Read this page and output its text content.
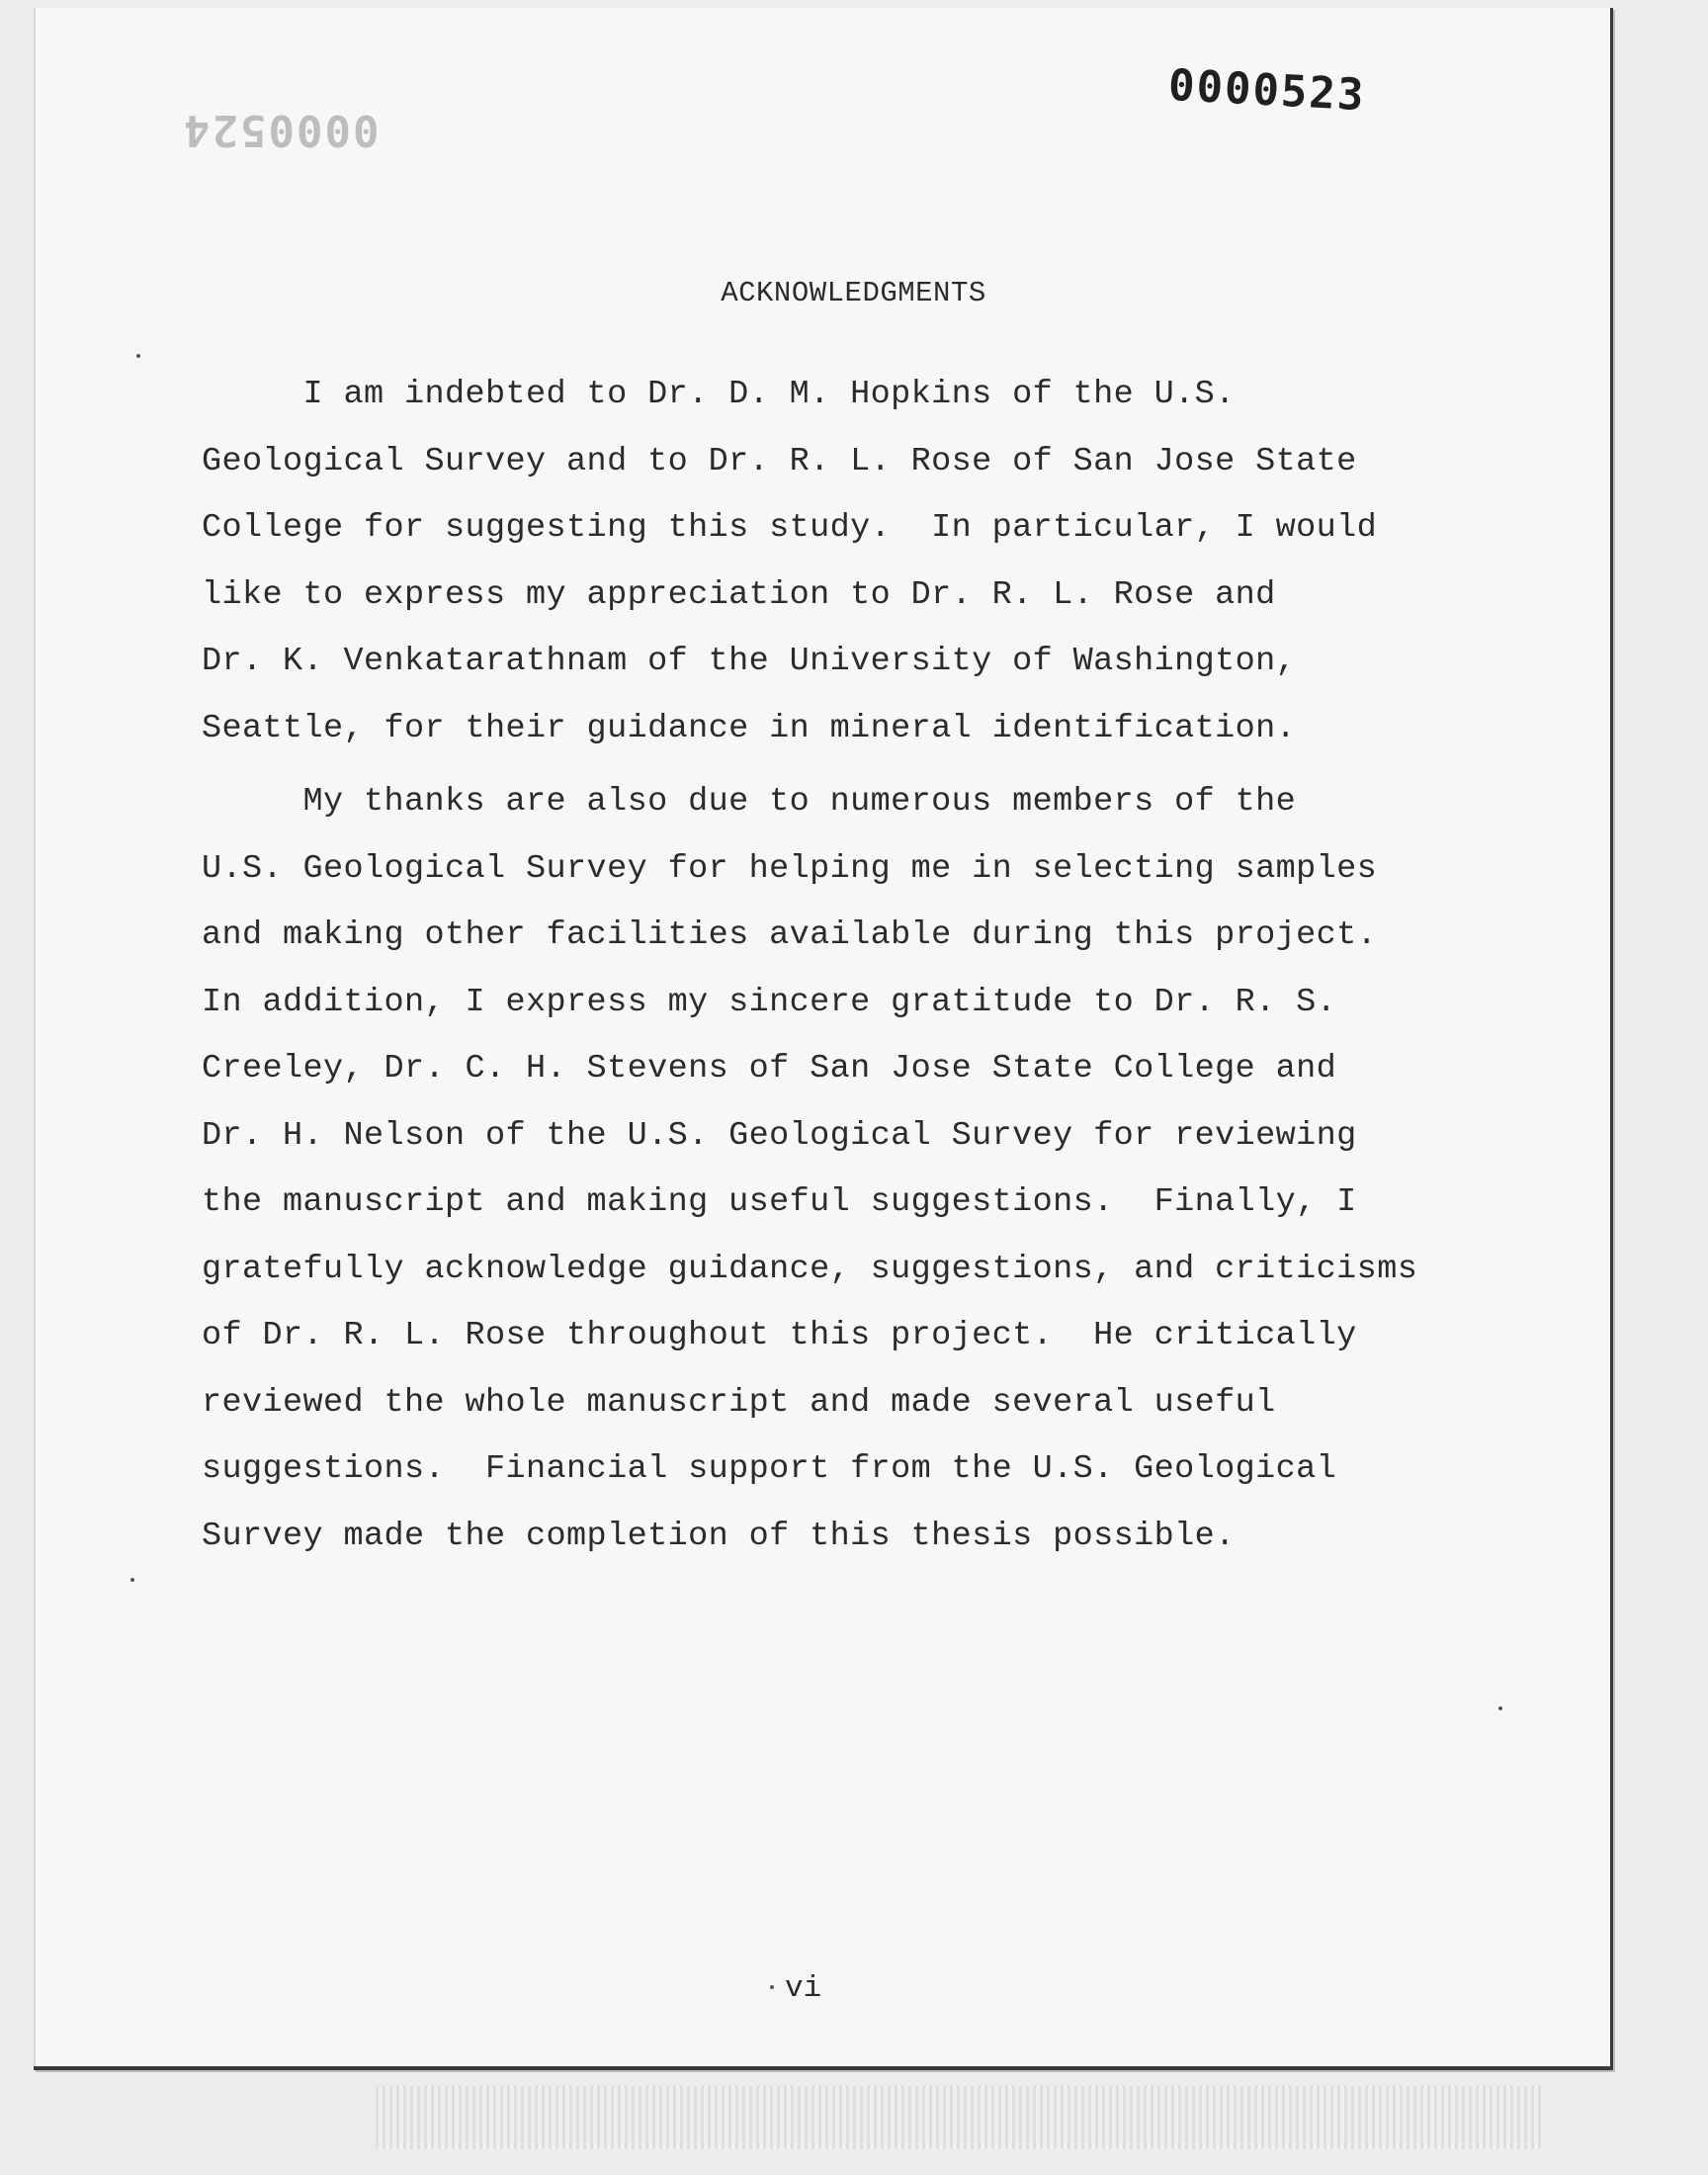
0000524
0000523
ACKNOWLEDGMENTS
I am indebted to Dr. D. M. Hopkins of the U.S.
Geological Survey and to Dr. R. L. Rose of San Jose State
College for suggesting this study.  In particular, I would
like to express my appreciation to Dr. R. L. Rose and
Dr. K. Venkatarathnam of the University of Washington,
Seattle, for their guidance in mineral identification.
My thanks are also due to numerous members of the
U.S. Geological Survey for helping me in selecting samples
and making other facilities available during this project.
In addition, I express my sincere gratitude to Dr. R. S.
Creeley, Dr. C. H. Stevens of San Jose State College and
Dr. H. Nelson of the U.S. Geological Survey for reviewing
the manuscript and making useful suggestions.  Finally, I
gratefully acknowledge guidance, suggestions, and criticisms
of Dr. R. L. Rose throughout this project.  He critically
reviewed the whole manuscript and made several useful
suggestions.  Financial support from the U.S. Geological
Survey made the completion of this thesis possible.
vi
